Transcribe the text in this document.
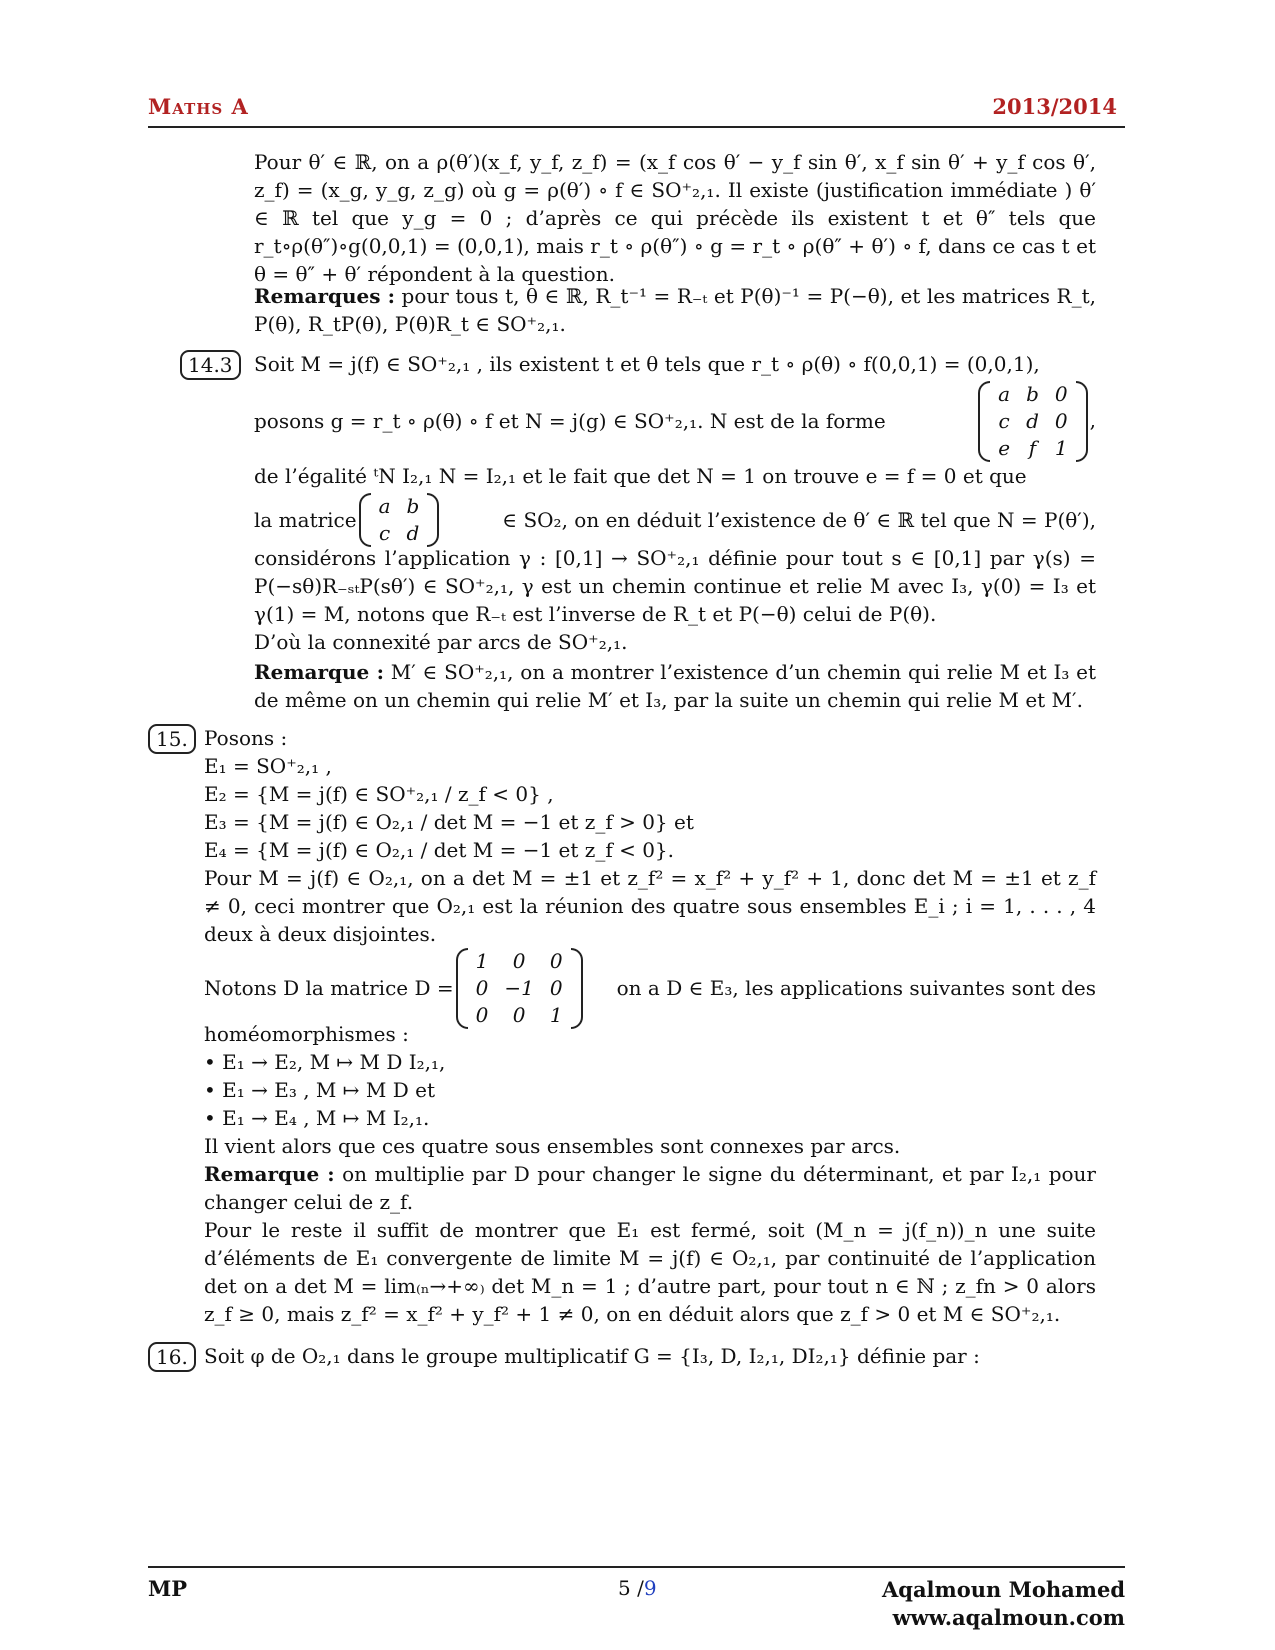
Maths A	2013/2014
Pour θ′ ∈ ℝ, on a ρ(θ′)(x_f, y_f, z_f) = (x_f cos θ′ − y_f sin θ′, x_f sin θ′ + y_f cos θ′, z_f) = (x_g, y_g, z_g) où g = ρ(θ′) ∘ f ∈ SO⁺₂,₁. Il existe (justification immédiate ) θ′ ∈ ℝ tel que y_g = 0 ; d’après ce qui précède ils existent t et θ″ tels que r_t∘ρ(θ″)∘g(0,0,1) = (0,0,1), mais r_t ∘ ρ(θ″) ∘ g = r_t ∘ ρ(θ″ + θ′) ∘ f, dans ce cas t et θ = θ″ + θ′ répondent à la question.
Remarques : pour tous t, θ ∈ ℝ, R_t⁻¹ = R₋ₜ et P(θ)⁻¹ = P(−θ), et les matrices R_t, P(θ), R_tP(θ), P(θ)R_t ∈ SO⁺₂,₁.
14.3	Soit M = j(f) ∈ SO⁺₂,₁ , ils existent t et θ tels que r_t ∘ ρ(θ) ∘ f(0,0,1) = (0,0,1),
posons g = r_t ∘ ρ(θ) ∘ f et N = j(g) ∈ SO⁺₂,₁. N est de la forme
a	b	0
c	d	0
e	f	1
,
de l’égalité ᵗN I₂,₁ N = I₂,₁ et le fait que det N = 1 on trouve e = f = 0 et que
la matrice
a	b
c	d
∈ SO₂, on en déduit l’existence de θ′ ∈ ℝ tel que N = P(θ′),
considérons l’application γ : [0,1] → SO⁺₂,₁ définie pour tout s ∈ [0,1] par γ(s) = P(−sθ)R₋ₛₜP(sθ′) ∈ SO⁺₂,₁, γ est un chemin continue et relie M avec I₃, γ(0) = I₃ et γ(1) = M, notons que R₋ₜ est l’inverse de R_t et P(−θ) celui de P(θ).
D’où la connexité par arcs de SO⁺₂,₁.
Remarque : M′ ∈ SO⁺₂,₁, on a montrer l’existence d’un chemin qui relie M et I₃ et de même on un chemin qui relie M′ et I₃, par la suite un chemin qui relie M et M′.
15. Posons :
E₁ = SO⁺₂,₁ ,
E₂ = {M = j(f) ∈ SO⁺₂,₁ / z_f < 0} ,
E₃ = {M = j(f) ∈ O₂,₁ / det M = −1 et z_f > 0} et
E₄ = {M = j(f) ∈ O₂,₁ / det M = −1 et z_f < 0}.
Pour M = j(f) ∈ O₂,₁, on a det M = ±1 et z_f² = x_f² + y_f² + 1, donc det M = ±1 et z_f ≠ 0, ceci montrer que O₂,₁ est la réunion des quatre sous ensembles E_i ; i = 1, . . . , 4 deux à deux disjointes.
Notons D la matrice D =
1	0	0
0	−1	0
0	0	1
on a D ∈ E₃, les applications suivantes sont des
homéomorphismes :
• E₁ → E₂, M ↦ M D I₂,₁,
• E₁ → E₃ , M ↦ M D et
• E₁ → E₄ , M ↦ M I₂,₁.
Il vient alors que ces quatre sous ensembles sont connexes par arcs.
Remarque : on multiplie par D pour changer le signe du déterminant, et par I₂,₁ pour changer celui de z_f.
Pour le reste il suffit de montrer que E₁ est fermé, soit (M_n = j(f_n))_n une suite d’éléments de E₁ convergente de limite M = j(f) ∈ O₂,₁, par continuité de l’application det on a det M = lim₍ₙ→+∞₎ det M_n = 1 ; d’autre part, pour tout n ∈ ℕ ; z_fn > 0 alors z_f ≥ 0, mais z_f² = x_f² + y_f² + 1 ≠ 0, on en déduit alors que z_f > 0 et M ∈ SO⁺₂,₁.
16. Soit φ de O₂,₁ dans le groupe multiplicatif G = {I₃, D, I₂,₁, DI₂,₁} définie par :
MP	5 /9	Aqalmoun Mohamed
www.aqalmoun.com
